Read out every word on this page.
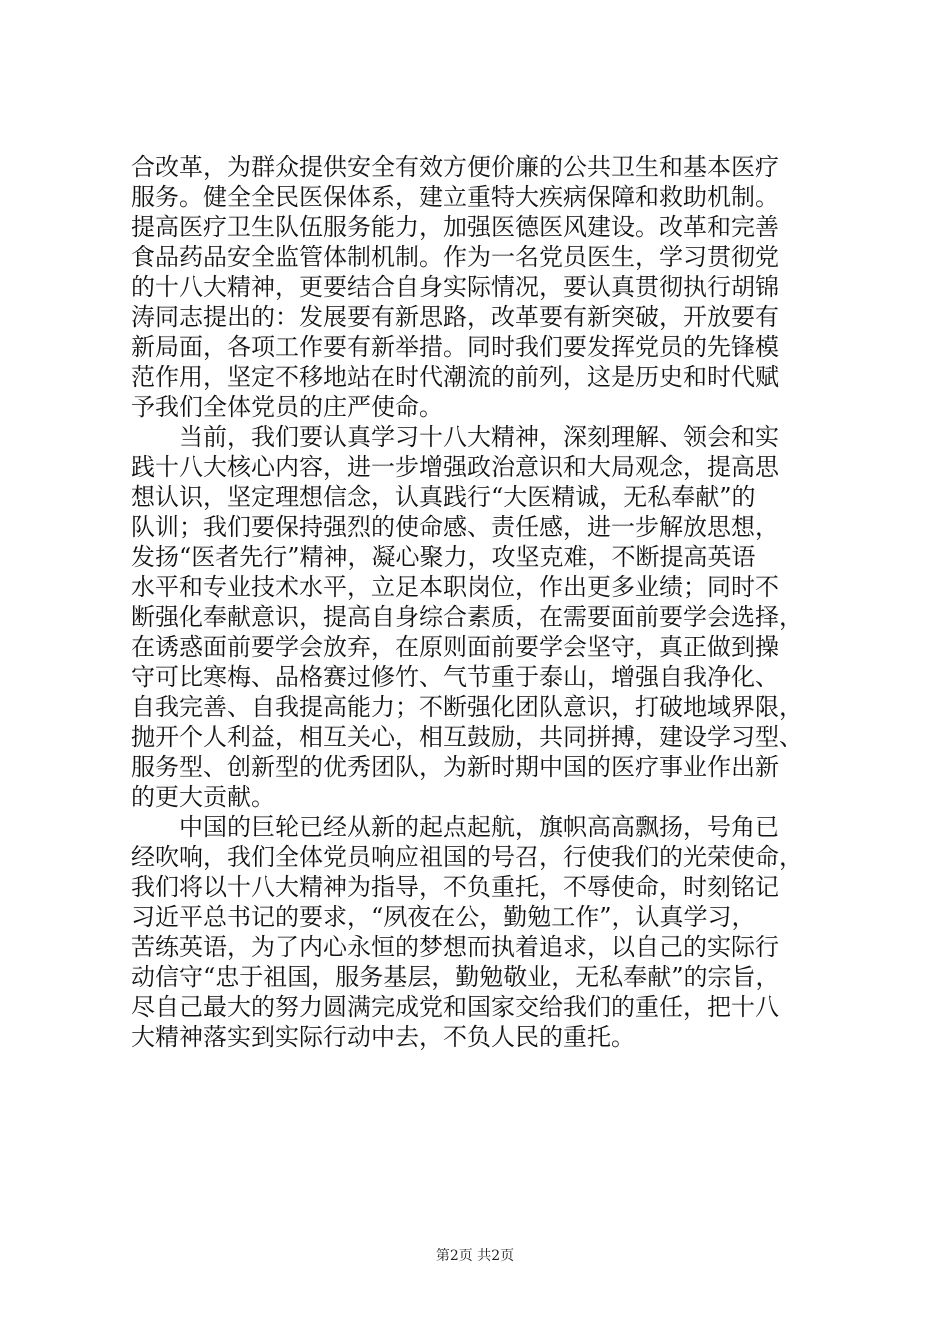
合改革，为群众提供安全有效方便价廉的公共卫生和基本医疗
服务。健全全民医保体系，建立重特大疾病保障和救助机制。
提高医疗卫生队伍服务能力，加强医德医风建设。改革和完善
食品药品安全监管体制机制。作为一名党员医生，学习贯彻党
的十八大精神，更要结合自身实际情况，要认真贯彻执行胡锦
涛同志提出的：发展要有新思路，改革要有新突破，开放要有
新局面，各项工作要有新举措。同时我们要发挥党员的先锋模
范作用，坚定不移地站在时代潮流的前列，这是历史和时代赋
予我们全体党员的庄严使命。
　　当前，我们要认真学习十八大精神，深刻理解、领会和实
践十八大核心内容，进一步增强政治意识和大局观念，提高思
想认识，坚定理想信念，认真践行“大医精诚，无私奉献”的
队训；我们要保持强烈的使命感、责任感，进一步解放思想，
发扬“医者先行”精神，凝心聚力，攻坚克难，不断提高英语
水平和专业技术水平，立足本职岗位，作出更多业绩；同时不
断强化奉献意识，提高自身综合素质，在需要面前要学会选择，
在诱惑面前要学会放弃，在原则面前要学会坚守，真正做到操
守可比寒梅、品格赛过修竹、气节重于泰山，增强自我净化、
自我完善、自我提高能力；不断强化团队意识，打破地域界限，
抛开个人利益，相互关心，相互鼓励，共同拼搏，建设学习型、
服务型、创新型的优秀团队，为新时期中国的医疗事业作出新
的更大贡献。
　　中国的巨轮已经从新的起点起航，旗帜高高飘扬，号角已
经吹响，我们全体党员响应祖国的号召，行使我们的光荣使命，
我们将以十八大精神为指导，不负重托，不辱使命，时刻铭记
习近平总书记的要求，“夙夜在公，勤勉工作”，认真学习，
苦练英语，为了内心永恒的梦想而执着追求，以自己的实际行
动信守“忠于祖国，服务基层，勤勉敬业，无私奉献”的宗旨，
尽自己最大的努力圆满完成党和国家交给我们的重任，把十八
大精神落实到实际行动中去，不负人民的重托。
第2页 共2页
